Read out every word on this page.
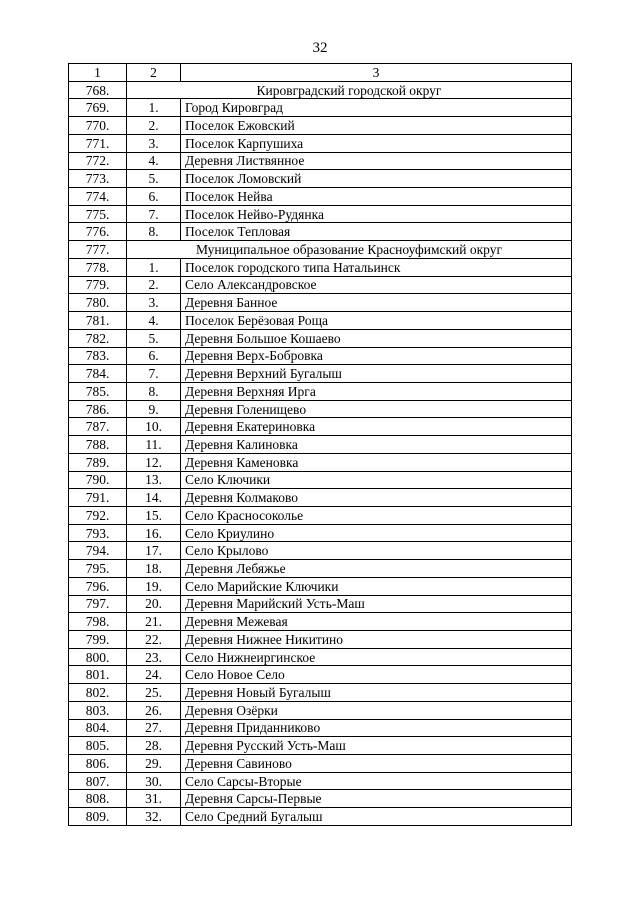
32
1	2	3
768.	Кировградский городской округ	
769.	1.	Город Кировград
770.	2.	Поселок Ежовский
771.	3.	Поселок Карпушиха
772.	4.	Деревня Листвянное
773.	5.	Поселок Ломовский
774.	6.	Поселок Нейва
775.	7.	Поселок Нейво-Рудянка
776.	8.	Поселок Тепловая
777.	Муниципальное образование Красноуфимский округ	
778.	1.	Поселок городского типа Натальинск
779.	2.	Село Александровское
780.	3.	Деревня Банное
781.	4.	Поселок Берёзовая Роща
782.	5.	Деревня Большое Кошаево
783.	6.	Деревня Верх-Бобровка
784.	7.	Деревня Верхний Бугалыш
785.	8.	Деревня Верхняя Ирга
786.	9.	Деревня Голенищево
787.	10.	Деревня Екатериновка
788.	11.	Деревня Калиновка
789.	12.	Деревня Каменовка
790.	13.	Село Ключики
791.	14.	Деревня Колмаково
792.	15.	Село Красносоколье
793.	16.	Село Криулино
794.	17.	Село Крылово
795.	18.	Деревня Лебяжье
796.	19.	Село Марийские Ключики
797.	20.	Деревня Марийский Усть-Маш
798.	21.	Деревня Межевая
799.	22.	Деревня Нижнее Никитино
800.	23.	Село Нижнеиргинское
801.	24.	Село Новое Село
802.	25.	Деревня Новый Бугалыш
803.	26.	Деревня Озёрки
804.	27.	Деревня Приданниково
805.	28.	Деревня Русский Усть-Маш
806.	29.	Деревня Савиново
807.	30.	Село Сарсы-Вторые
808.	31.	Деревня Сарсы-Первые
809.	32.	Село Средний Бугалыш
